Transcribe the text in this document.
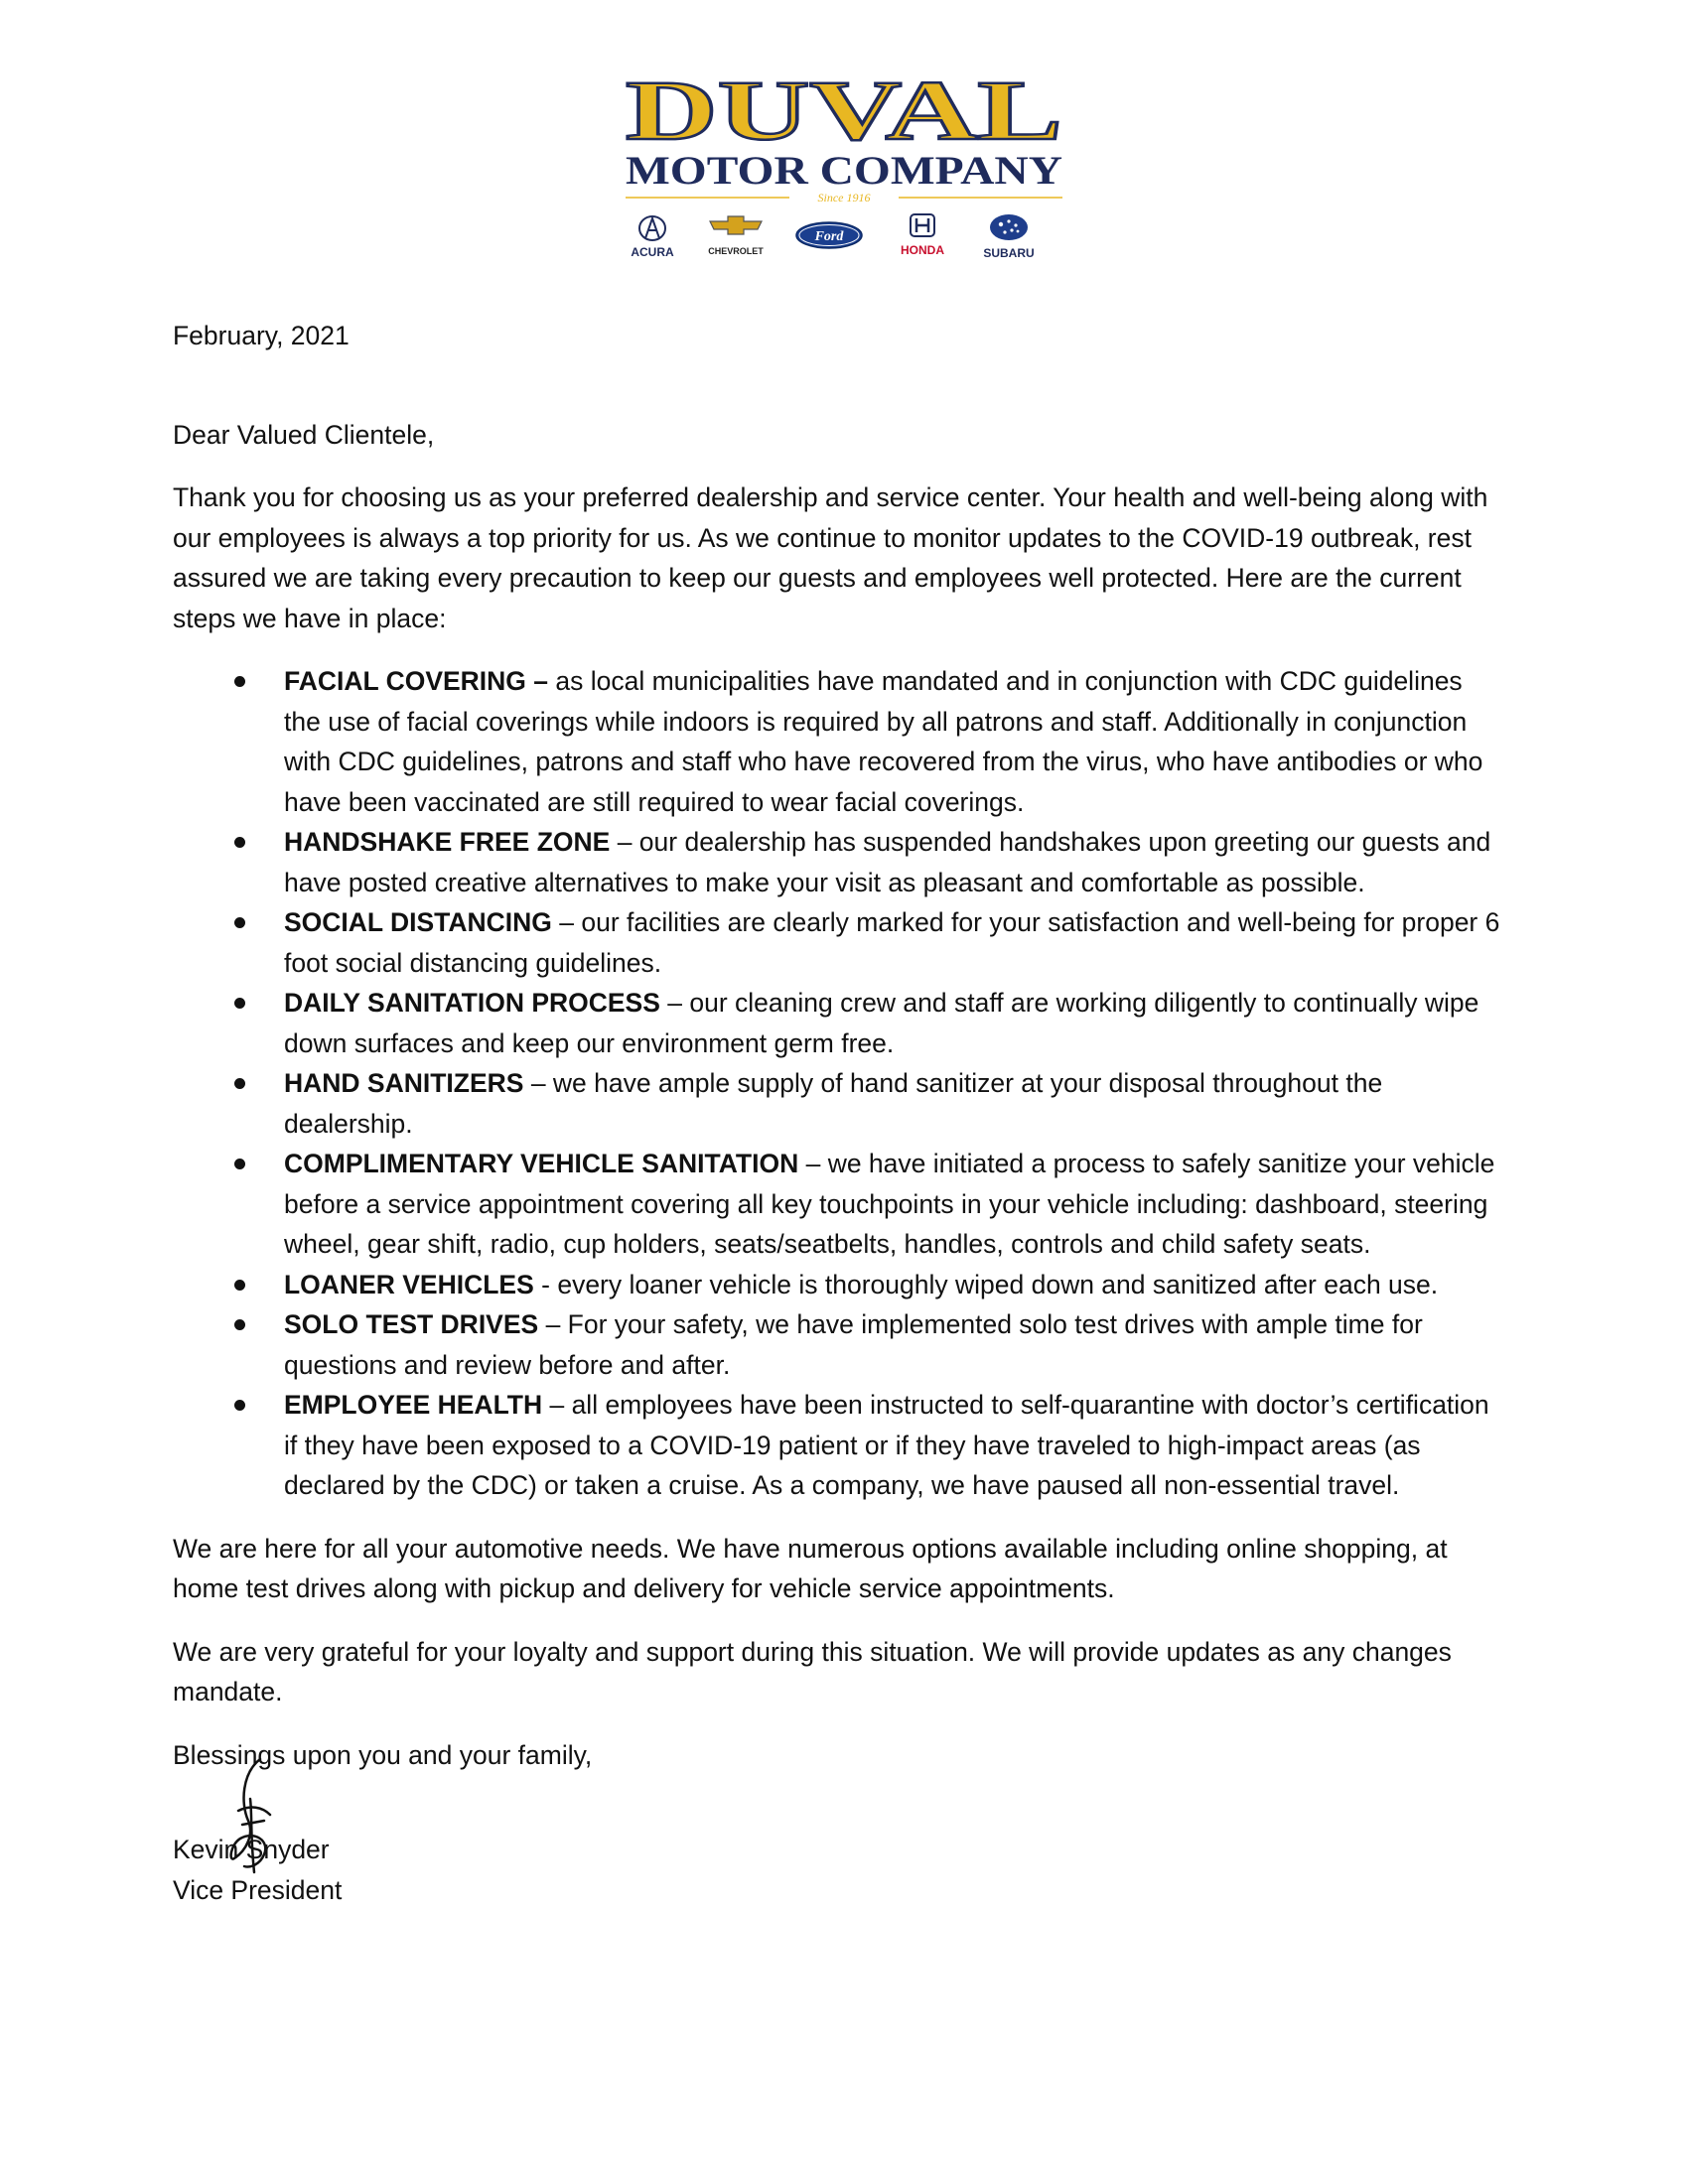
DUVAL
MOTOR COMPANY
Since 1916
ACURA	CHEVROLET
Ford
HONDA	SUBARU

February, 2021

Dear Valued Clientele,

Thank you for choosing us as your preferred dealership and service center. Your health and well-being along with our employees is always a top priority for us. As we continue to monitor updates to the COVID-19 outbreak, rest assured we are taking every precaution to keep our guests and employees well protected. Here are the current steps we have in place:

FACIAL COVERING – as local municipalities have mandated and in conjunction with CDC guidelines the use of facial coverings while indoors is required by all patrons and staff. Additionally in conjunction with CDC guidelines, patrons and staff who have recovered from the virus, who have antibodies or who have been vaccinated are still required to wear facial coverings.
HANDSHAKE FREE ZONE – our dealership has suspended handshakes upon greeting our guests and have posted creative alternatives to make your visit as pleasant and comfortable as possible.
SOCIAL DISTANCING – our facilities are clearly marked for your satisfaction and well-being for proper 6 foot social distancing guidelines.
DAILY SANITATION PROCESS – our cleaning crew and staff are working diligently to continually wipe down surfaces and keep our environment germ free.
HAND SANITIZERS – we have ample supply of hand sanitizer at your disposal throughout the dealership.
COMPLIMENTARY VEHICLE SANITATION – we have initiated a process to safely sanitize your vehicle before a service appointment covering all key touchpoints in your vehicle including: dashboard, steering wheel, gear shift, radio, cup holders, seats/seatbelts, handles, controls and child safety seats.
LOANER VEHICLES - every loaner vehicle is thoroughly wiped down and sanitized after each use.
SOLO TEST DRIVES – For your safety, we have implemented solo test drives with ample time for questions and review before and after.
EMPLOYEE HEALTH – all employees have been instructed to self-quarantine with doctor’s certification if they have been exposed to a COVID-19 patient or if they have traveled to high-impact areas (as declared by the CDC) or taken a cruise. As a company, we have paused all non-essential travel.

We are here for all your automotive needs. We have numerous options available including online shopping, at home test drives along with pickup and delivery for vehicle service appointments.

We are very grateful for your loyalty and support during this situation. We will provide updates as any changes mandate.

Blessings upon you and your family,

Kevin Snyder

Vice President
